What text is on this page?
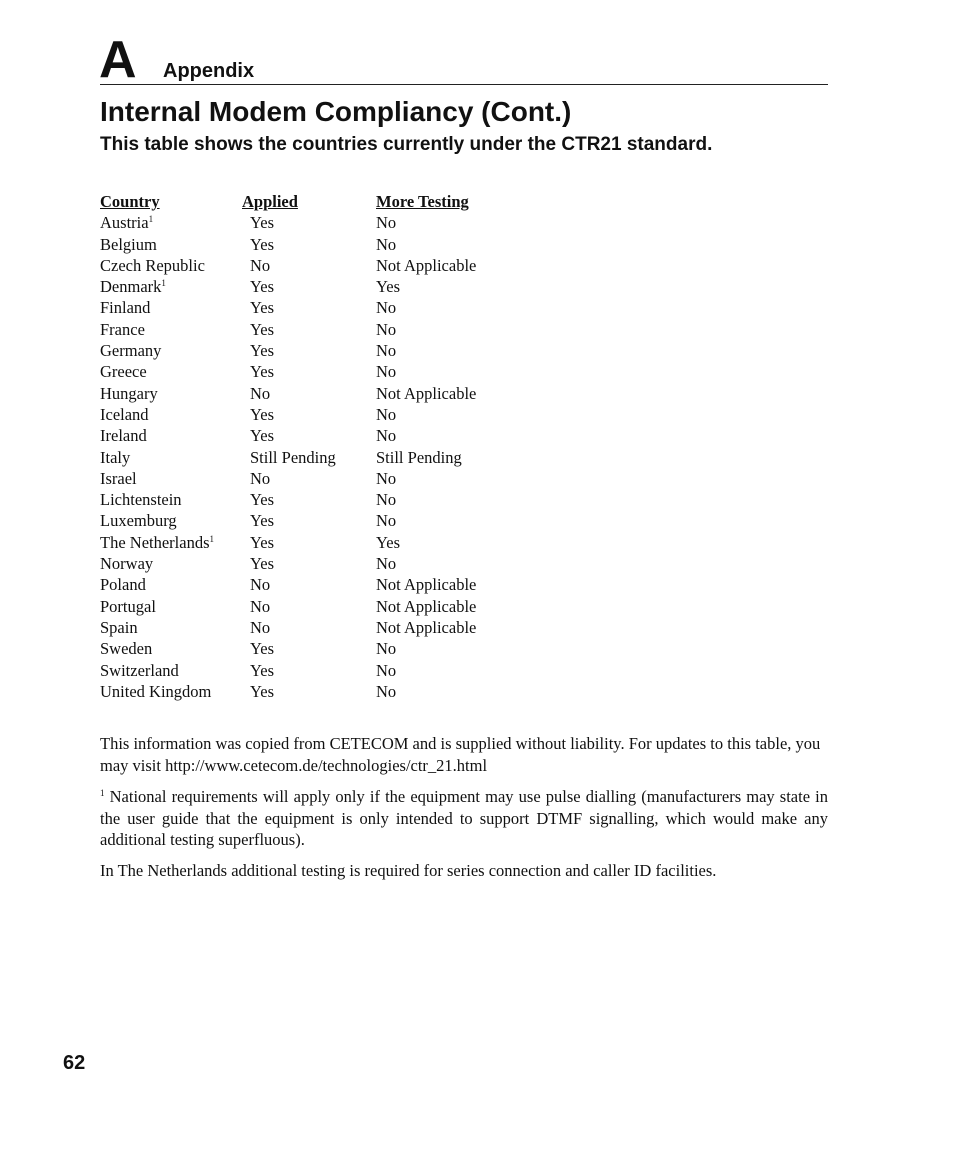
A Appendix
Internal Modem Compliancy (Cont.)
This table shows the countries currently under the CTR21 standard.
Country	Applied	More Testing
Austria$^1$	Yes	No
Belgium	Yes	No
Czech Republic	No	Not Applicable
Denmark$^1$	Yes	Yes
Finland	Yes	No
France	Yes	No
Germany	Yes	No
Greece	Yes	No
Hungary	No	Not Applicable
Iceland	Yes	No
Ireland	Yes	No
Italy	Still Pending	Still Pending
Israel	No	No
Lichtenstein	Yes	No
Luxemburg	Yes	No
The Netherlands$^1$	Yes	Yes
Norway	Yes	No
Poland	No	Not Applicable
Portugal	No	Not Applicable
Spain	No	Not Applicable
Sweden	Yes	No
Switzerland	Yes	No
United Kingdom	Yes	No

This information was copied from CETECOM and is supplied without liability. For updates to this table, you may visit http://www.cetecom.de/technologies/ctr_21.html

$^1$ National requirements will apply only if the equipment may use pulse dialling (manufacturers may state in the user guide that the equipment is only intended to support DTMF signalling, which would make any additional testing superfluous).

In The Netherlands additional testing is required for series connection and caller ID facilities.

62
